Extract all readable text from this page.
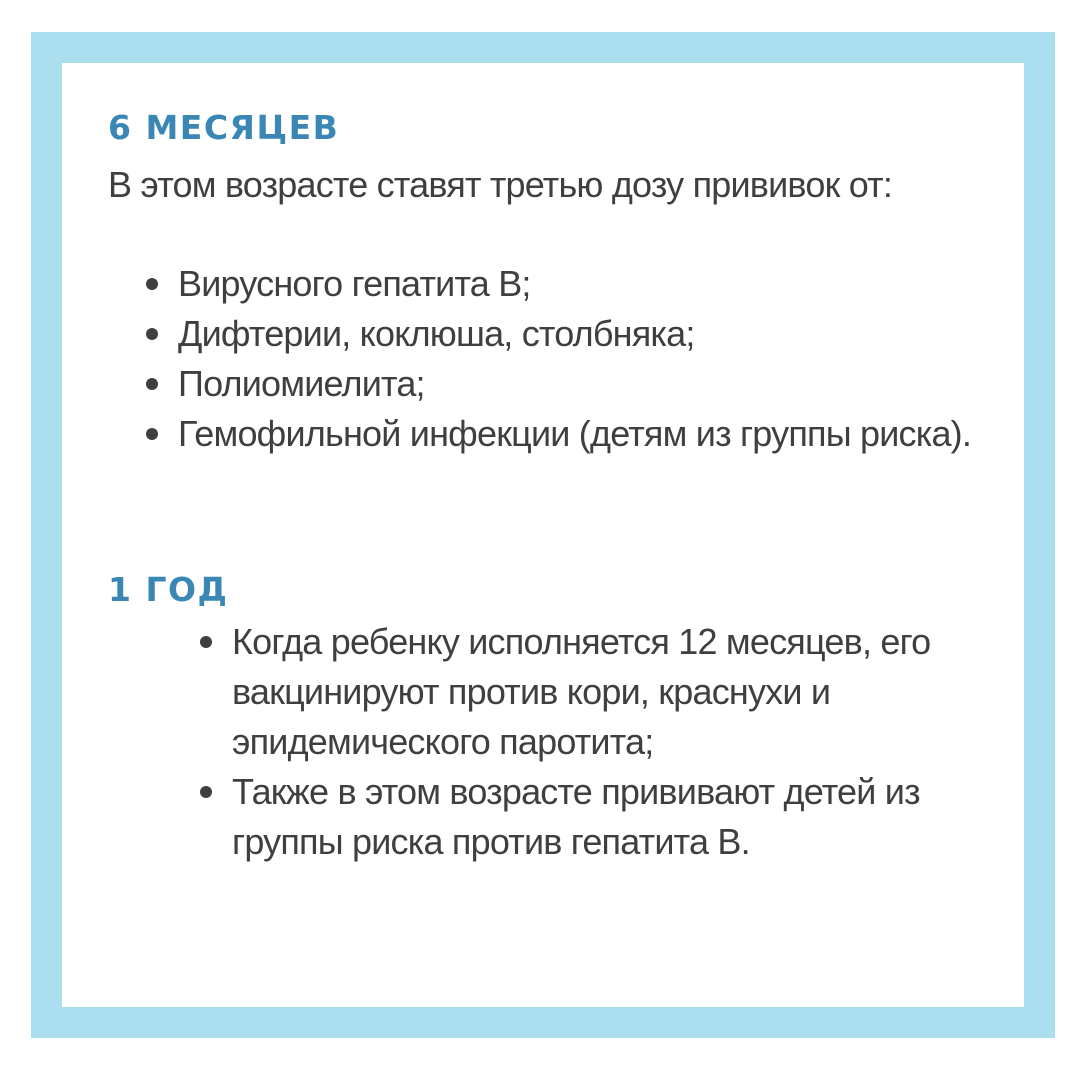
6 МЕСЯЦЕВ

В этом возрасте ставят третью дозу прививок от:

Вирусного гепатита В;
Дифтерии, коклюша, столбняка;
Полиомиелита;
Гемофильной инфекции (детям из группы риска).
1 ГОД
Когда ребенку исполняется 12 месяцев, его вакцинируют против кори, краснухи и эпидемического паротита;
Также в этом возрасте прививают детей из группы риска против гепатита В.
